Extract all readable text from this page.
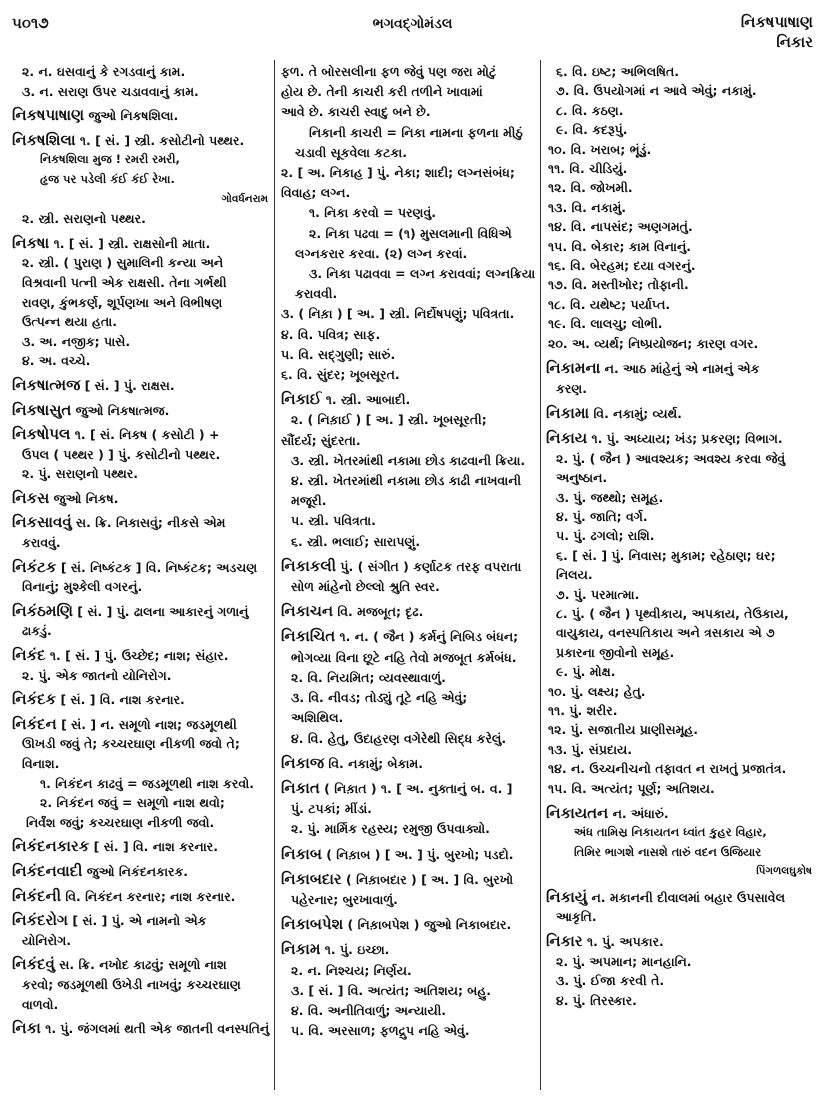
૫૦૧૭	ભગવદ્ગોમંડલ	નિકષપાષાણ
નિકાર
૨. ન. ઘસવાનું કે રગડવાનું કામ.
૩. ન. સરાણ ઉપર ચડાવવાનું કામ.
નિકષપાષાણ જુઓ નિકષશિલા.
નિકષશિલા ૧. [ સં. ] સ્ત્રી. કસોટીનો પથ્થર.
નિકષશિલા મુજ ! રમરી રમરી,
હૃજ પર પડેલી કંઈ કંઈ રેખા.
ગોવર્ધનરામ
૨. સ્ત્રી. સરાણનો પથ્થર.
નિકષા ૧. [ સં. ] સ્ત્રી. રાક્ષસોની માતા.
૨. સ્ત્રી. ( પુરાણ ) સુમાલિની કન્યા અને
વિશ્રવાની પત્ની એક રાક્ષસી. તેના ગર્ભથી
રાવણ, કુંભકર્ણ, શૂર્પણખા અને વિભીષણ
ઉત્પન્ન થયા હતા.
૩. અ. નજીક; પાસે.
૪. અ. વચ્ચે.
નિકષાત્મજ [ સં. ] પું. રાક્ષસ.
નિકષાસુત જુઓ નિકષાત્મજ.
નિકષોપલ ૧. [ સં. નિકષ ( કસોટી ) +
ઉપલ ( પથ્થર ) ] પું. કસોટીનો પથ્થર.
૨. પું. સરાણનો પથ્થર.
નિકસ જુઓ નિકષ.
નિકસાવવું સ. ક્રિ. નિકાસવું; નીકસે એમ
કરાવવું.
નિકંટક [ સં. નિષ્કંટક ] વિ. નિષ્કંટક; અડચણ
વિનાનું; મુશ્કેલી વગરનું.
નિકંઠમણિ [ સં. ] પું. ઢાલના આકારનું ગળાનું
ઢાકડું.
નિકંદ ૧. [ સં. ] પું. ઉચ્છેદ; નાશ; સંહાર.
૨. પું. એક જાતનો યોનિરોગ.
નિકંદક [ સં. ] વિ. નાશ કરનાર.
નિકંદન [ સં. ] ન. સમૂળો નાશ; જડમૂળથી
ઊખડી જવું તે; કચ્ચરઘાણ નીકળી જવો તે;
વિનાશ.
૧. નિકંદન કાઢવું = જડમૂળથી નાશ કરવો.
૨. નિકંદન જવું = સમૂળો નાશ થવો;
નિર્વંશ જવું; કચ્ચરઘાણ નીકળી જવો.
નિકંદનકારક [ સં. ] વિ. નાશ કરનાર.
નિકંદનવાદી જુઓ નિકંદનકારક.
નિકંદની વિ. નિકંદન કરનાર; નાશ કરનાર.
નિકંદરોગ [ સં. ] પું. એ નામનો એક
યોનિરોગ.
નિકંદવું સ. ક્રિ. નખોદ કાઢવું; સમૂળો નાશ
કરવો; જડમૂળથી ઉખેડી નાખવું; કચ્ચરઘાણ
વાળવો.
નિકા ૧. પું. જંગલમાં થતી એક જાતની વનસ્પતિનું
ફળ. તે બોરસલીના ફળ જેવું પણ જરા મોટું
હોય છે. તેની કાચરી કરી તળીને ખાવામાં
આવે છે. કાચરી સ્વાદુ બને છે.
નિકાની કાચરી = નિકા નામના ફળના મીઠું
ચડાવી સૂકવેલા કટકા.
૨. [ અ. નિકાહ ] પું. નેકા; શાદી; લગ્નસંબંધ;
વિવાહ; લગ્ન.
૧. નિકા કરવો = પરણવું.
૨. નિકા પઢવા = (૧) મુસલમાની વિધિએ
લગ્નકરાર કરવા. (૨) લગ્ન કરવાં.
૩. નિકા પઢાવવા = લગ્ન કરાવવાં; લગ્નક્રિયા
કરાવવી.
૩. ( નિક઼ા ) [ અ. ] સ્ત્રી. નિર્દોષપણું; પવિત્રતા.
૪. વિ. પવિત્ર; સાફ.
૫. વિ. સદ્ગુણી; સારું.
૬. વિ. સુંદર; ખૂબસૂરત.
નિકાઈ ૧. સ્ત્રી. આબાદી.
૨. ( નિક઼ાઈ ) [ અ. ] સ્ત્રી. ખૂબસૂરતી;
સૌંદર્ય; સુંદરતા.
૩. સ્ત્રી. ખેતરમાંથી નકામા છોડ કાઢવાની ક્રિયા.
૪. સ્ત્રી. ખેતરમાંથી નકામા છોડ કાઢી નાખવાની
મજૂરી.
૫. સ્ત્રી. પવિત્રતા.
૬. સ્ત્રી. ભલાઈ; સારાપણું.
નિકાકલી પું. ( સંગીત ) કર્ણાટક તરફ વપરાતા
સોળ માંહેનો છેલ્લો શ્રુતિ સ્વર.
નિકાચન વિ. મજબૂત; દૃઢ.
નિકાચિત ૧. ન. ( જૈન ) કર્મનું નિબિડ બંધન;
ભોગવ્યા વિના છૂટે નહિ તેવો મજબૂત કર્મબંધ.
૨. વિ. નિયમિત; વ્યવસ્થાવાળું.
૩. વિ. નીવડ; તોડ્યું તૂટે નહિ એવું;
અશિથિલ.
૪. વિ. હેતુ, ઉદાહરણ વગેરેથી સિદ્ધ કરેલું.
નિકાજ વિ. નકામું; બેકામ.
નિકાત ( નિક઼ાત ) ૧. [ અ. નુક્તાનું બ. વ. ]
પું. ટપકાં; મીંડાં.
૨. પું. માર્મિક રહસ્ય; રમુજી ઉપવાક્યો.
નિકાબ ( નિક઼ાબ ) [ અ. ] પું. બુરખો; પડદો.
નિકાબદાર ( નિક઼ાબદાર ) [ અ. ] વિ. બુરખો
પહેરનાર; બુરખાવાળું.
નિકાબપેશ ( નિક઼ાબપેશ ) જુઓ નિકાબદાર.
નિકામ ૧. પું. ઇચ્છા.
૨. ન. નિશ્ચય; નિર્ણય.
૩. [ સં. ] વિ. અત્યંત; અતિશય; બહુ.
૪. વિ. અનીતિવાળું; અન્યાયી.
૫. વિ. અરસાળ; ફળદ્રુપ નહિ એવું.
૬. વિ. ઇષ્ટ; અભિલષિત.
૭. વિ. ઉપયોગમાં ન આવે એવું; નકામું.
૮. વિ. કઠણ.
૯. વિ. કદરૂપું.
૧૦. વિ. ખરાબ; ભૂંડું.
૧૧. વિ. ચીડિયું.
૧૨. વિ. જોખમી.
૧૩. વિ. નકામું.
૧૪. વિ. નાપસંદ; અણગમતું.
૧૫. વિ. બેકાર; કામ વિનાનું.
૧૬. વિ. બેરહમ; દયા વગરનું.
૧૭. વિ. મસ્તીખોર; તોફાની.
૧૮. વિ. યથેષ્ટ; પર્યાપ્ત.
૧૯. વિ. લાલચુ; લોભી.
૨૦. અ. વ્યર્થ; નિષ્પ્રયોજન; કારણ વગર.
નિકામના ન. આઠ માંહેનું એ નામનું એક
કરણ.
નિકામા વિ. નકામું; વ્યર્થ.
નિકાય ૧. પું. અધ્યાય; ખંડ; પ્રકરણ; વિભાગ.
૨. પું. ( જૈન ) આવશ્યક; અવશ્ય કરવા જેવું
અનુષ્ઠાન.
૩. પું. જથ્થો; સમૂહ.
૪. પું. જાતિ; વર્ગ.
૫. પું. ઢગલો; રાશિ.
૬. [ સં. ] પું. નિવાસ; મુકામ; રહેઠાણ; ઘર;
નિલય.
૭. પું. પરમાત્મા.
૮. પું. ( જૈન ) પૃથ્વીકાય, અપકાય, તેઉકાય,
વાયુકાય, વનસ્પતિકાય અને ત્રસકાય એ ૭
પ્રકારના જીવોનો સમૂહ.
૯. પું. મોક્ષ.
૧૦. પું. લક્ષ્ય; હેતુ.
૧૧. પું. શરીર.
૧૨. પું. સજાતીય પ્રાણીસમૂહ.
૧૩. પું. સંપ્રદાય.
૧૪. ન. ઉચ્ચનીચનો તફાવત ન રાખતું પ્રજાતંત્ર.
૧૫. વિ. અત્યંત; પૂર્ણ; અતિશય.
નિકાયતન ન. અંધારું.
અંધ તામિસ્ર નિકાયતન ધ્વાંત કુહર વિહાર,
તિમિર ભાગશે નાસશે તારું વદન ઉજિયાર
પિંગળલઘુકોષ
નિકાયું ન. મકાનની દીવાલમાં બહાર ઉપસાવેલ
આકૃતિ.
નિકાર ૧. પું. અપકાર.
૨. પું. અપમાન; માનહાનિ.
૩. પું. ઈજા કરવી તે.
૪. પું. તિરસ્કાર.
